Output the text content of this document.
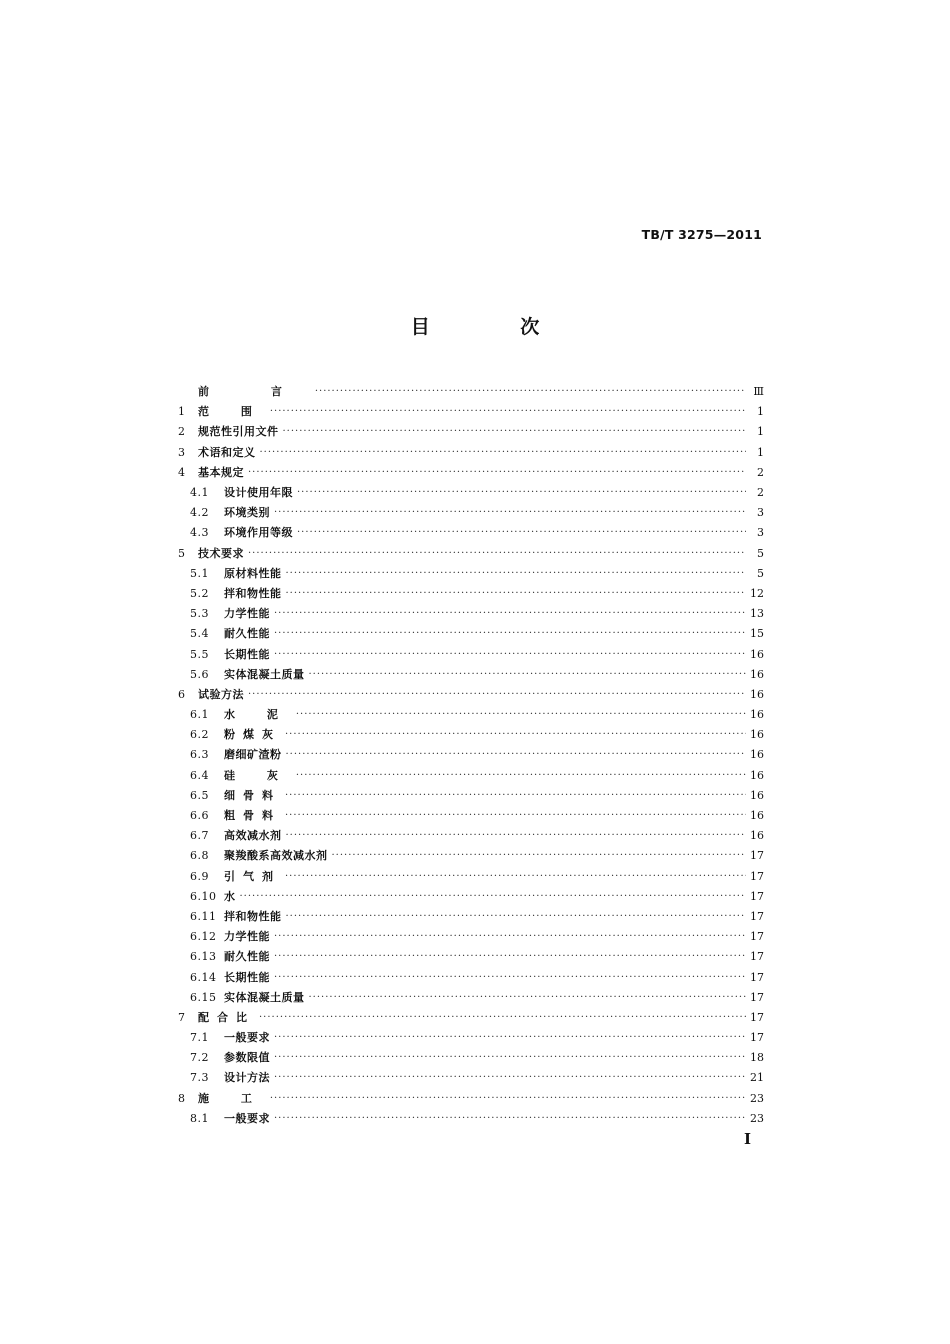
TB/T 3275—2011
目 次
前 言 ·····	Ⅲ
1	范 围 ·····	1
2	规范性引用文件 ·····	1
3	术语和定义 ·····	1
4	基本规定 ·····	2
4.1	设计使用年限 ·····	2
4.2	环境类别 ·····	3
4.3	环境作用等级 ·····	3
5	技术要求 ·····	5
5.1	原材料性能 ·····	5
5.2	拌和物性能 ·····	12
5.3	力学性能 ·····	13
5.4	耐久性能 ·····	15
5.5	长期性能 ·····	16
5.6	实体混凝土质量 ·····	16
6	试验方法 ·····	16
6.1	水 泥 ·····	16
6.2	粉煤灰 ·····	16
6.3	磨细矿渣粉 ·····	16
6.4	硅 灰 ·····	16
6.5	细骨料 ·····	16
6.6	粗骨料 ·····	16
6.7	高效减水剂 ·····	16
6.8	聚羧酸系高效减水剂 ·····	17
6.9	引气剂 ·····	17
6.10 水 ·····	17
6.11 拌和物性能 ·····	17
6.12 力学性能 ·····	17
6.13 耐久性能 ·····	17
6.14 长期性能 ·····	17
6.15 实体混凝土质量 ·····	17
7	配合比 ·····	17
7.1	一般要求 ·····	17
7.2	参数限值 ·····	18
7.3	设计方法 ·····	21
8	施 工 ·····	23
8.1	一般要求 ·····	23
Ⅰ
